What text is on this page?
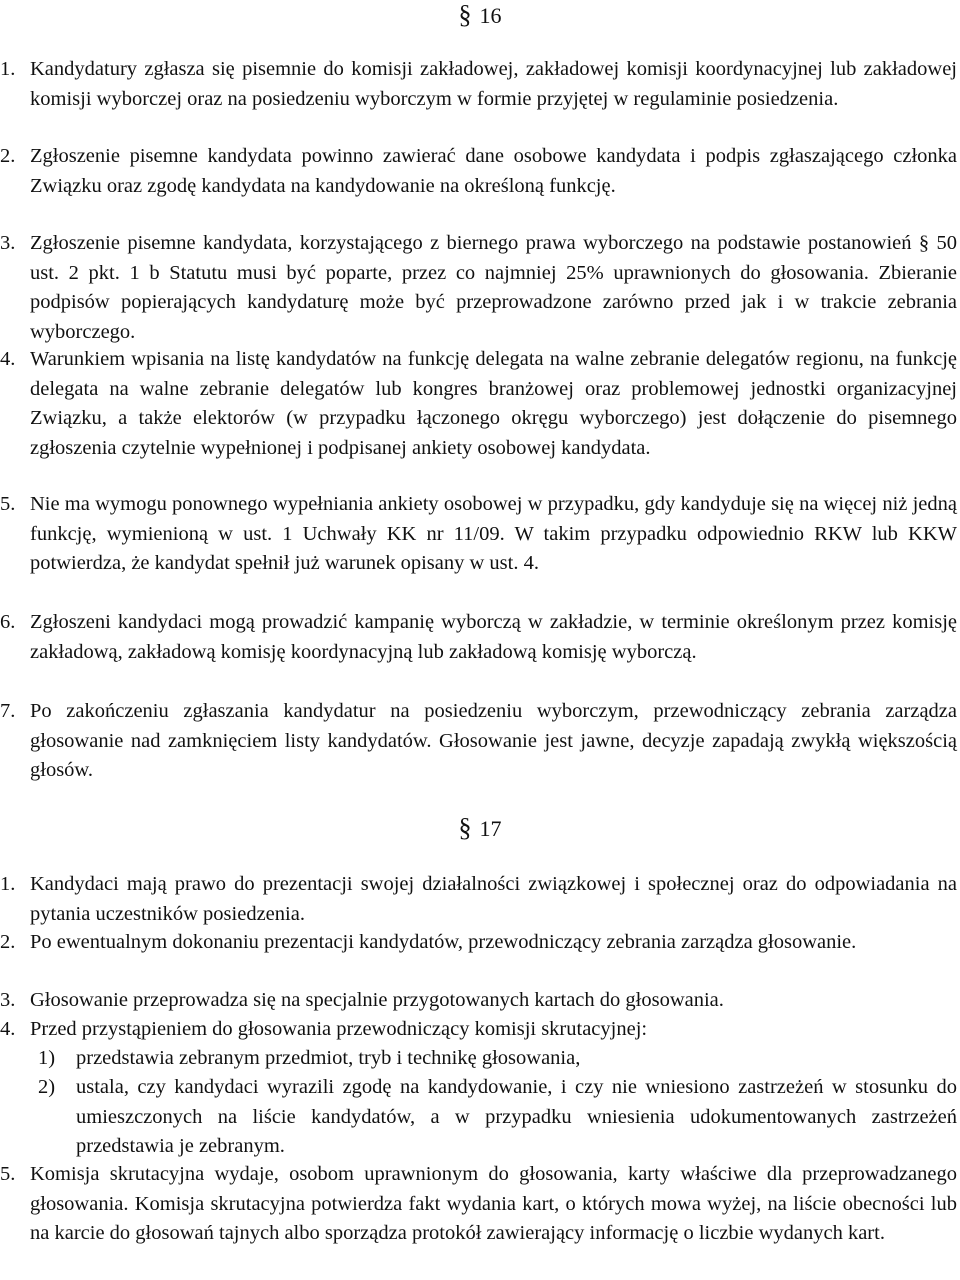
§ 16
1. Kandydatury zgłasza się pisemnie do komisji zakładowej, zakładowej komisji koordynacyjnej lub zakładowej komisji wyborczej oraz na posiedzeniu wyborczym w formie przyjętej w regulaminie posiedzenia.
2. Zgłoszenie pisemne kandydata powinno zawierać dane osobowe kandydata i podpis zgłaszającego członka Związku oraz zgodę kandydata na kandydowanie na określoną funkcję.
3. Zgłoszenie pisemne kandydata, korzystającego z biernego prawa wyborczego na podstawie postanowień § 50 ust. 2 pkt. 1 b Statutu musi być poparte, przez co najmniej 25% uprawnionych do głosowania. Zbieranie podpisów popierających kandydaturę może być przeprowadzone zarówno przed jak i w trakcie zebrania wyborczego.
4. Warunkiem wpisania na listę kandydatów na funkcję delegata na walne zebranie delegatów regionu, na funkcję delegata na walne zebranie delegatów lub kongres branżowej oraz problemowej jednostki organizacyjnej Związku, a także elektorów (w przypadku łączonego okręgu wyborczego) jest dołączenie do pisemnego zgłoszenia czytelnie wypełnionej i podpisanej ankiety osobowej kandydata.
5. Nie ma wymogu ponownego wypełniania ankiety osobowej w przypadku, gdy kandyduje się na więcej niż jedną funkcję, wymienioną w ust. 1 Uchwały KK nr 11/09. W takim przypadku odpowiednio RKW lub KKW potwierdza, że kandydat spełnił już warunek opisany w ust. 4.
6. Zgłoszeni kandydaci mogą prowadzić kampanię wyborczą w zakładzie, w terminie określonym przez komisję zakładową, zakładową komisję koordynacyjną lub zakładową komisję wyborczą.
7. Po zakończeniu zgłaszania kandydatur na posiedzeniu wyborczym, przewodniczący zebrania zarządza głosowanie nad zamknięciem listy kandydatów. Głosowanie jest jawne, decyzje zapadają zwykłą większością głosów.
§ 17
1. Kandydaci mają prawo do prezentacji swojej działalności związkowej i społecznej oraz do odpowiadania na pytania uczestników posiedzenia.
2. Po ewentualnym dokonaniu prezentacji kandydatów, przewodniczący zebrania zarządza głosowanie.
3. Głosowanie przeprowadza się na specjalnie przygotowanych kartach do głosowania.
4. Przed przystąpieniem do głosowania przewodniczący komisji skrutacyjnej:
1) przedstawia zebranym przedmiot, tryb i technikę głosowania,
2) ustala, czy kandydaci wyrazili zgodę na kandydowanie, i czy nie wniesiono zastrzeżeń w stosunku do umieszczonych na liście kandydatów, a w przypadku wniesienia udokumentowanych zastrzeżeń przedstawia je zebranym.
5. Komisja skrutacyjna wydaje, osobom uprawnionym do głosowania, karty właściwe dla przeprowadzanego głosowania. Komisja skrutacyjna potwierdza fakt wydania kart, o których mowa wyżej, na liście obecności lub na karcie do głosowań tajnych albo sporządza protokół zawierający informację o liczbie wydanych kart.
